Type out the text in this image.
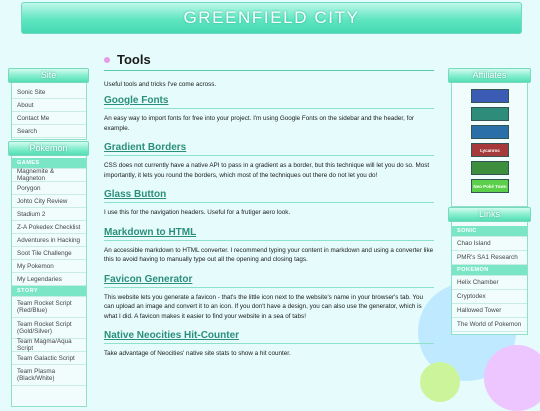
GREENFIELD CITY
Site
Sonic Site
About
Contact Me
Search
Pokemon
GAMES
Magnemite & Magneton
Porygon
Johto City Review
Stadium 2
Z-A Pokedex Checklist
Adventures in Hacking
Soot Tile Challenge
My Pokemon
My Legendaries
STORY
Team Rocket Script (Red/Blue)
Team Rocket Script (Gold/Silver)
Team Magma/Aqua Script
Team Galactic Script
Team Plasma (Black/White)
Tools
Useful tools and tricks I've come across.
Google Fonts

An easy way to import fonts for free into your project. I'm using Google Fonts on the sidebar and the header, for example.

Gradient Borders

CSS does not currently have a native API to pass in a gradient as a border, but this technique will let you do so. Most importantly, it lets you round the borders, which most of the techniques out there do not let you do!

Glass Button

I use this for the navigation headers. Useful for a frutiger aero look.

Markdown to HTML

An accessible markdown to HTML converter. I recommend typing your content in markdown and using a converter like this to avoid having to manually type out all the opening and closing tags.

Favicon Generator

This website lets you generate a favicon - that's the little icon next to the website's name in your browser's tab. You can upload an image and convert it to an icon. If you don't have a design, you can also use the generator, which is what I did. A favicon makes it easier to find your website in a sea of tabs!

Native Neocities Hit-Counter

Take advantage of Neocities' native site stats to show a hit counter.

Affiliates
Lycanroc
Neo Poké Town
Links
SONIC
Chao Island
PMR's SA1 Research
POKEMON
Helix Chamber
Cryptodex
Hallowed Tower
The World of Pokemon
